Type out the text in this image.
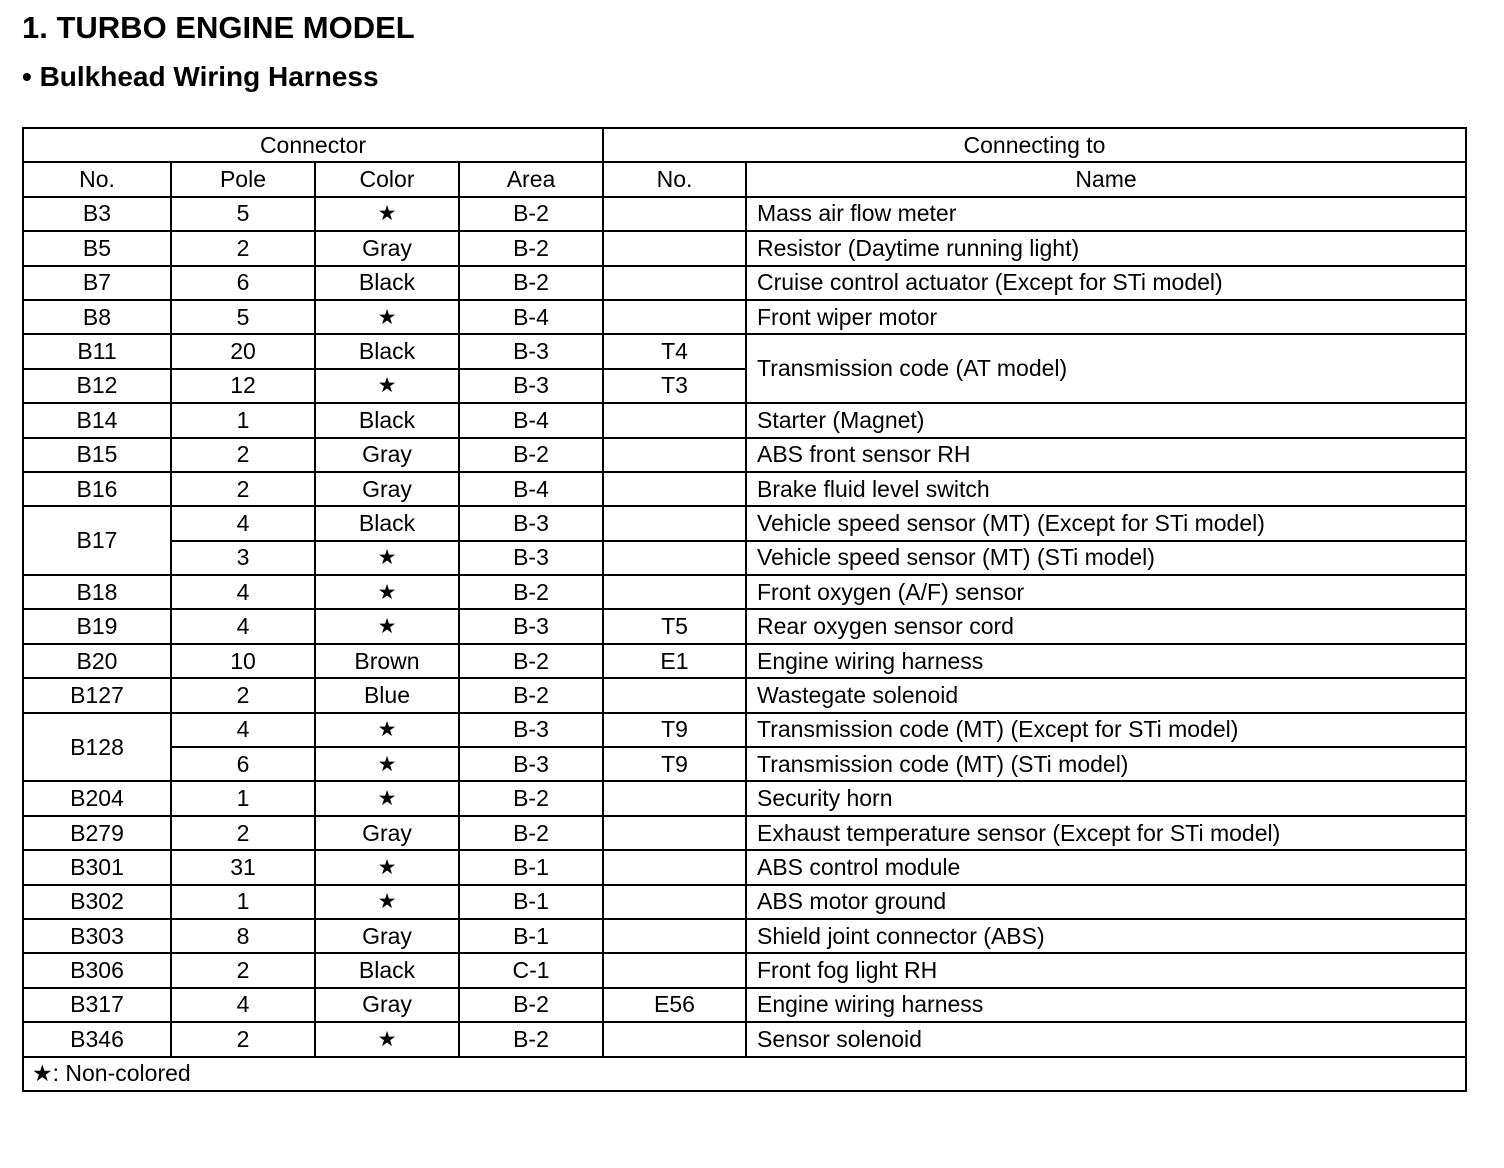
1. TURBO ENGINE MODEL
• Bulkhead Wiring Harness
Connector				Connecting to	
No.	Pole	Color	Area	No.	Name
B3	5	★	B-2		Mass air flow meter
B5	2	Gray	B-2		Resistor (Daytime running light)
B7	6	Black	B-2		Cruise control actuator (Except for STi model)
B8	5	★	B-4		Front wiper motor
B11	20	Black	B-3	T4	Transmission code (AT model)
B12	12	★	B-3	T3	
B14	1	Black	B-4		Starter (Magnet)
B15	2	Gray	B-2		ABS front sensor RH
B16	2	Gray	B-4		Brake fluid level switch
B17	4	Black	B-3		Vehicle speed sensor (MT) (Except for STi model)
	3	★	B-3		Vehicle speed sensor (MT) (STi model)
B18	4	★	B-2		Front oxygen (A/F) sensor
B19	4	★	B-3	T5	Rear oxygen sensor cord
B20	10	Brown	B-2	E1	Engine wiring harness
B127	2	Blue	B-2		Wastegate solenoid
B128	4	★	B-3	T9	Transmission code (MT) (Except for STi model)
	6	★	B-3	T9	Transmission code (MT) (STi model)
B204	1	★	B-2		Security horn
B279	2	Gray	B-2		Exhaust temperature sensor (Except for STi model)
B301	31	★	B-1		ABS control module
B302	1	★	B-1		ABS motor ground
B303	8	Gray	B-1		Shield joint connector (ABS)
B306	2	Black	C-1		Front fog light RH
B317	4	Gray	B-2	E56	Engine wiring harness
B346	2	★	B-2		Sensor solenoid
★: Non-colored					
